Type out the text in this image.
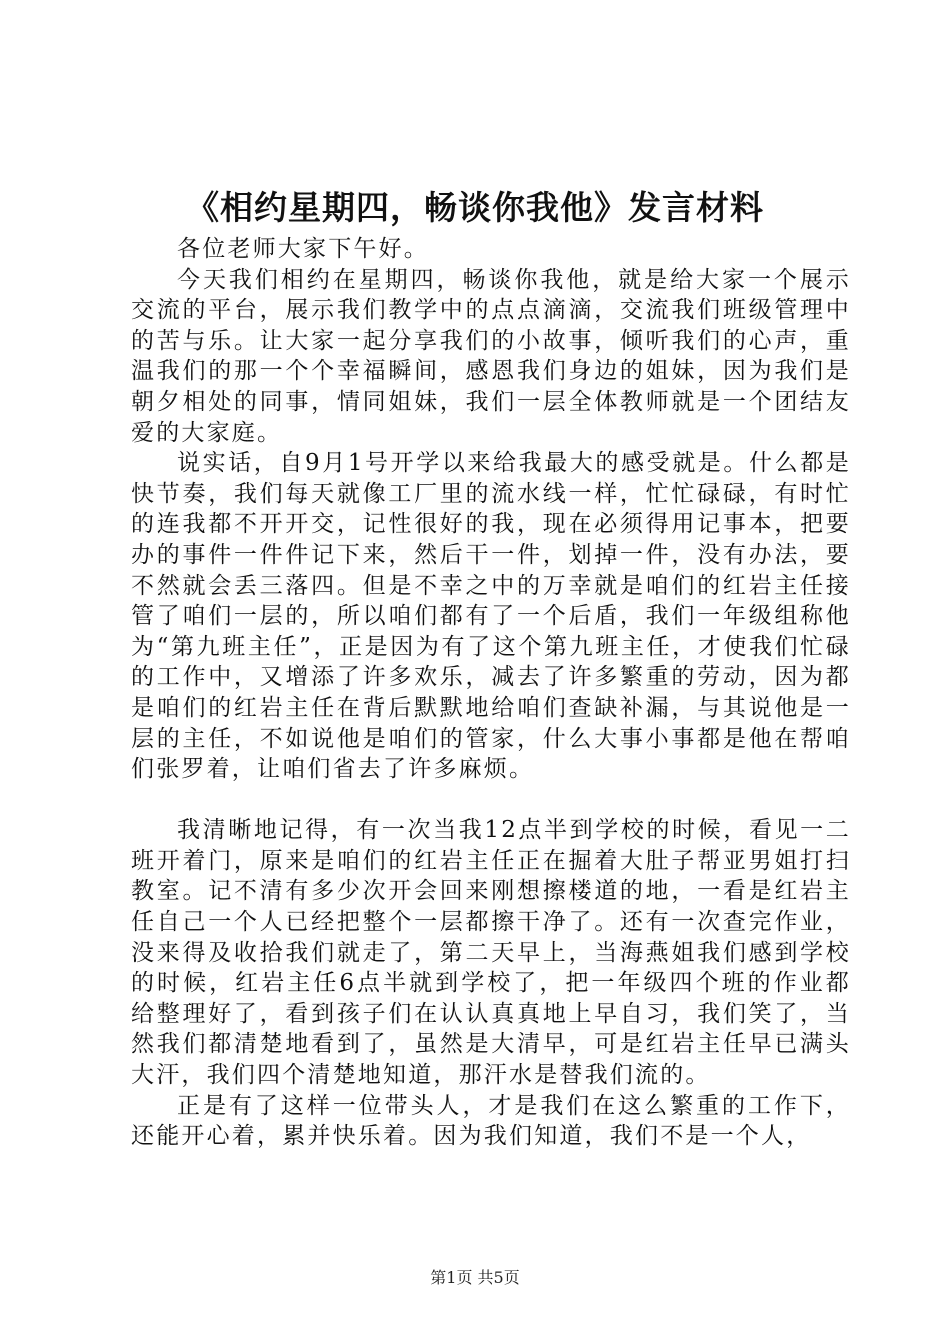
《相约星期四，畅谈你我他》发言材料

各位老师大家下午好。

今天我们相约在星期四，畅谈你我他，就是给大家一个展示交流的平台，展示我们教学中的点点滴滴，交流我们班级管理中的苦与乐。让大家一起分享我们的小故事，倾听我们的心声，重温我们的那一个个幸福瞬间，感恩我们身边的姐妹，因为我们是朝夕相处的同事，情同姐妹，我们一层全体教师就是一个团结友爱的大家庭。

说实话，自9月1号开学以来给我最大的感受就是。什么都是快节奏，我们每天就像工厂里的流水线一样，忙忙碌碌，有时忙的连我都不开开交，记性很好的我，现在必须得用记事本，把要办的事件一件件记下来，然后干一件，划掉一件，没有办法，要不然就会丢三落四。但是不幸之中的万幸就是咱们的红岩主任接管了咱们一层的，所以咱们都有了一个后盾，我们一年级组称他为“第九班主任”，正是因为有了这个第九班主任，才使我们忙碌的工作中，又增添了许多欢乐，减去了许多繁重的劳动，因为都是咱们的红岩主任在背后默默地给咱们查缺补漏，与其说他是一层的主任，不如说他是咱们的管家，什么大事小事都是他在帮咱们张罗着，让咱们省去了许多麻烦。

我清晰地记得，有一次当我12点半到学校的时候，看见一二班开着门，原来是咱们的红岩主任正在掘着大肚子帮亚男姐打扫教室。记不清有多少次开会回来刚想擦楼道的地，一看是红岩主任自己一个人已经把整个一层都擦干净了。还有一次查完作业，没来得及收拾我们就走了，第二天早上，当海燕姐我们感到学校的时候，红岩主任6点半就到学校了，把一年级四个班的作业都给整理好了，看到孩子们在认认真真地上早自习，我们笑了，当然我们都清楚地看到了，虽然是大清早，可是红岩主任早已满头大汗，我们四个清楚地知道，那汗水是替我们流的。

正是有了这样一位带头人，才是我们在这么繁重的工作下，还能开心着，累并快乐着。因为我们知道，我们不是一个人，

第1页 共5页
